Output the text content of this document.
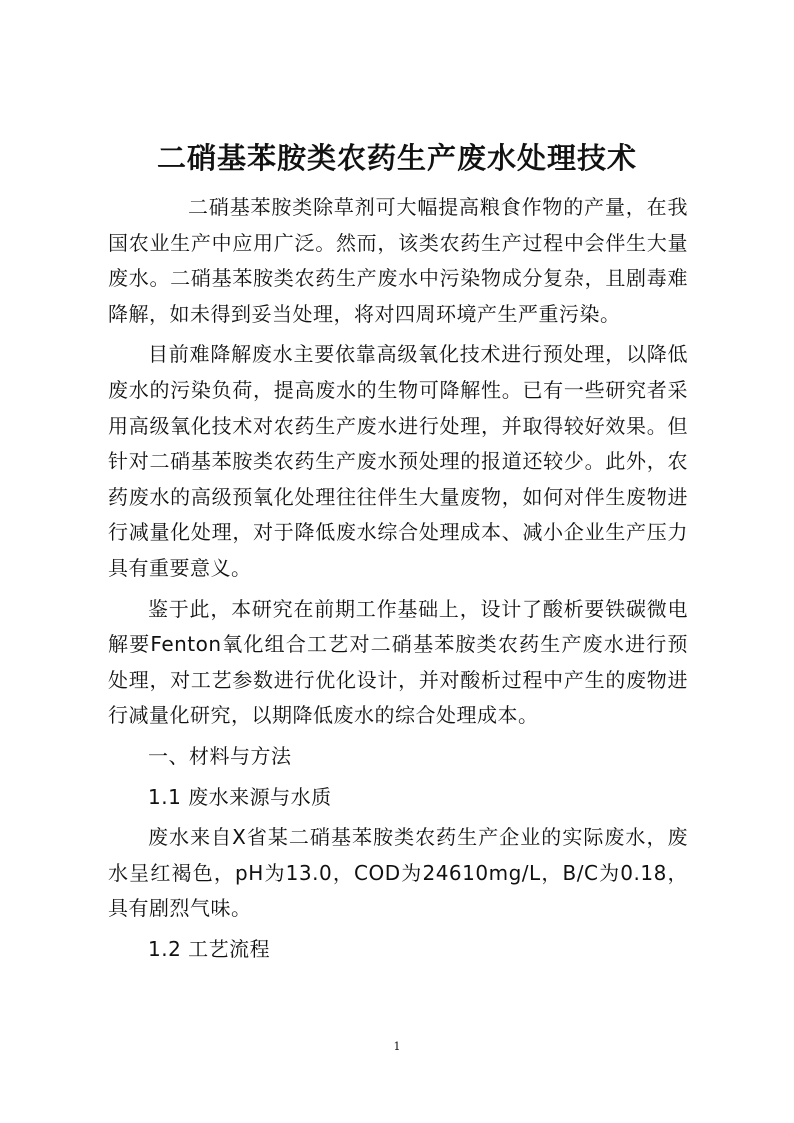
二硝基苯胺类农药生产废水处理技术

二硝基苯胺类除草剂可大幅提高粮食作物的产量，在我国农业生产中应用广泛。然而，该类农药生产过程中会伴生大量废水。二硝基苯胺类农药生产废水中污染物成分复杂，且剧毒难降解，如未得到妥当处理，将对四周环境产生严重污染。

目前难降解废水主要依靠高级氧化技术进行预处理，以降低废水的污染负荷，提高废水的生物可降解性。已有一些研究者采用高级氧化技术对农药生产废水进行处理，并取得较好效果。但针对二硝基苯胺类农药生产废水预处理的报道还较少。此外，农药废水的高级预氧化处理往往伴生大量废物，如何对伴生废物进行减量化处理，对于降低废水综合处理成本、减小企业生产压力具有重要意义。

鉴于此，本研究在前期工作基础上，设计了酸析要铁碳微电解要Fenton氧化组合工艺对二硝基苯胺类农药生产废水进行预处理，对工艺参数进行优化设计，并对酸析过程中产生的废物进行减量化研究，以期降低废水的综合处理成本。

一、材料与方法

1.1 废水来源与水质

废水来自X省某二硝基苯胺类农药生产企业的实际废水，废水呈红褐色，pH为13.0，COD为24610mg/L，B/C为0.18，具有剧烈气味。

1.2 工艺流程

1
